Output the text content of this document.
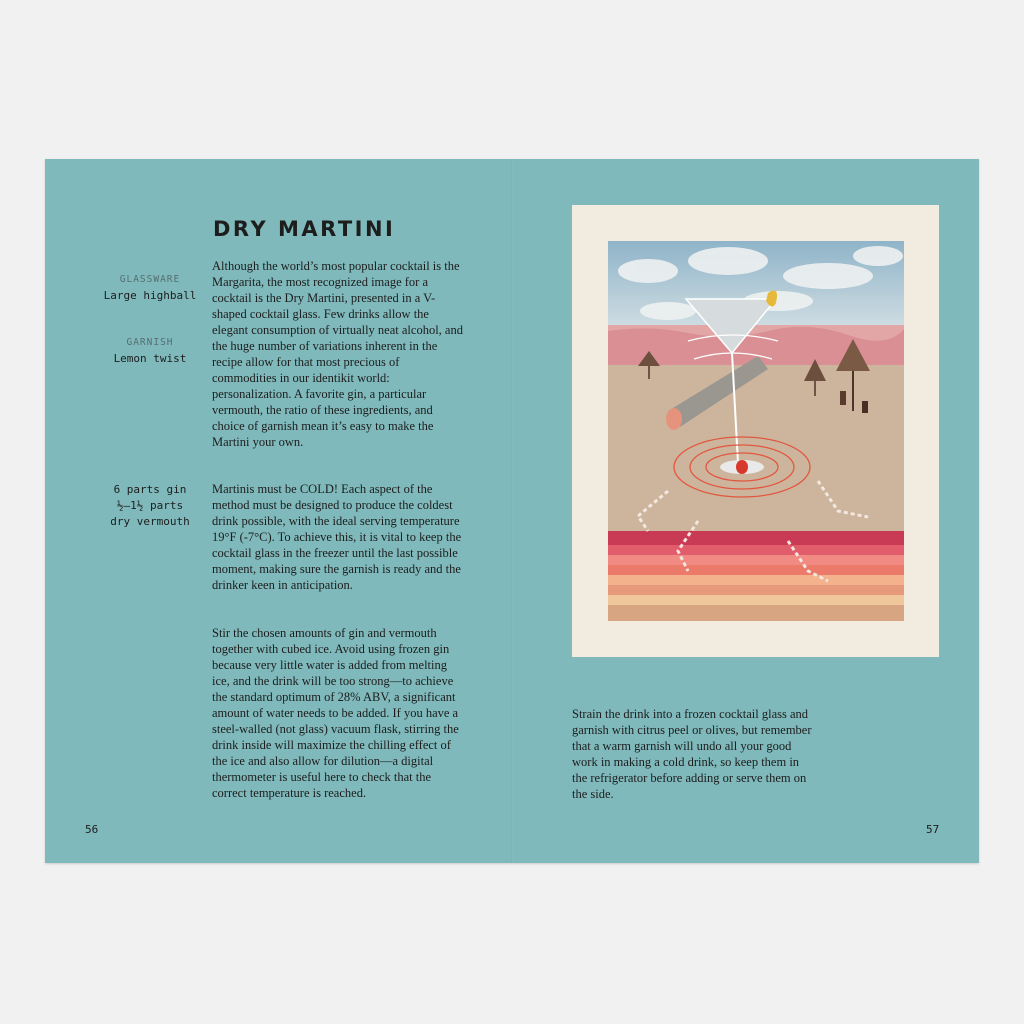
DRY MARTINI
GLASSWARE
Large highball
GARNISH
Lemon twist
6 parts gin
½–1½ parts
dry vermouth

Although the world’s most popular cocktail is the Margarita, the most recognized image for a cocktail is the Dry Martini, presented in a V-shaped cocktail glass. Few drinks allow the elegant consumption of virtually neat alcohol, and the huge number of variations inherent in the recipe allow for that most precious of commodities in our identikit world: personalization. A favorite gin, a particular vermouth, the ratio of these ingredients, and choice of garnish mean it’s easy to make the Martini your own.

Martinis must be COLD! Each aspect of the method must be designed to produce the coldest drink possible, with the ideal serving temperature 19°F (-7°C). To achieve this, it is vital to keep the cocktail glass in the freezer until the last possible moment, making sure the garnish is ready and the drinker keen in anticipation.

Stir the chosen amounts of gin and vermouth together with cubed ice. Avoid using frozen gin because very little water is added from melting ice, and the drink will be too strong—to achieve the standard optimum of 28% ABV, a significant amount of water needs to be added. If you have a steel-walled (not glass) vacuum flask, stirring the drink inside will maximize the chilling effect of the ice and also allow for dilution—a digital thermometer is useful here to check that the correct temperature is reached.

Strain the drink into a frozen cocktail glass and garnish with citrus peel or olives, but remember that a warm garnish will undo all your good work in making a cold drink, so keep them in the refrigerator before adding or serve them on the side.

56	57
